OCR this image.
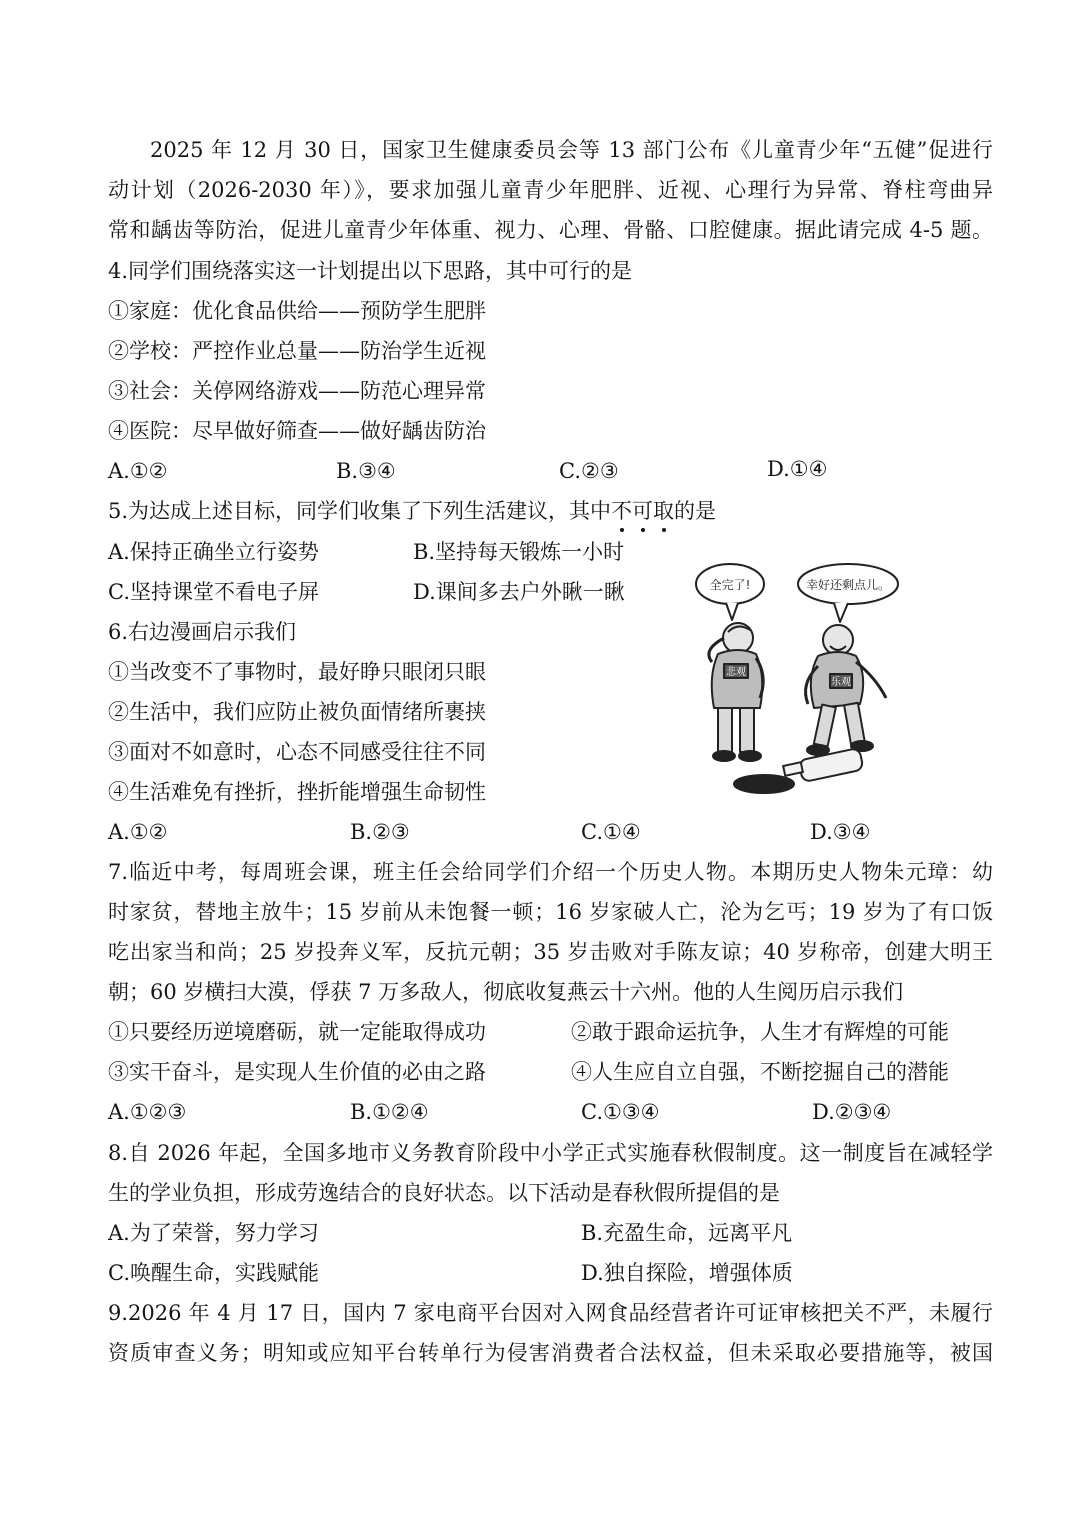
2025 年 12 月 30 日，国家卫生健康委员会等 13 部门公布《儿童青少年“五健”促进行
动计划（2026-2030 年）》，要求加强儿童青少年肥胖、近视、心理行为异常、脊柱弯曲异
常和龋齿等防治，促进儿童青少年体重、视力、心理、骨骼、口腔健康。据此请完成 4-5 题。
4.同学们围绕落实这一计划提出以下思路，其中可行的是
①家庭：优化食品供给——预防学生肥胖
②学校：严控作业总量——防治学生近视
③社会：关停网络游戏——防范心理异常
④医院：尽早做好筛查——做好龋齿防治
A.①②	B.③④	C.②③	D.①④
5.为达成上述目标，同学们收集了下列生活建议，其中不可取的是
A.保持正确坐立行姿势	B.坚持每天锻炼一小时
C.坚持课堂不看电子屏	D.课间多去户外瞅一瞅
6.右边漫画启示我们
①当改变不了事物时，最好睁只眼闭只眼
②生活中，我们应防止被负面情绪所裹挟
③面对不如意时，心态不同感受往往不同
④生活难免有挫折，挫折能增强生命韧性
A.①②	B.②③	C.①④	D.③④
全完了!	幸好还剩点儿。
悲观
乐观
7.临近中考，每周班会课，班主任会给同学们介绍一个历史人物。本期历史人物朱元璋：幼
时家贫，替地主放牛；15 岁前从未饱餐一顿；16 岁家破人亡，沦为乞丐；19 岁为了有口饭
吃出家当和尚；25 岁投奔义军，反抗元朝；35 岁击败对手陈友谅；40 岁称帝，创建大明王
朝；60 岁横扫大漠，俘获 7 万多敌人，彻底收复燕云十六州。他的人生阅历启示我们
①只要经历逆境磨砺，就一定能取得成功	②敢于跟命运抗争，人生才有辉煌的可能
③实干奋斗，是实现人生价值的必由之路	④人生应自立自强，不断挖掘自己的潜能
A.①②③	B.①②④	C.①③④	D.②③④
8.自 2026 年起，全国多地市义务教育阶段中小学正式实施春秋假制度。这一制度旨在减轻学
生的学业负担，形成劳逸结合的良好状态。以下活动是春秋假所提倡的是
A.为了荣誉，努力学习	B.充盈生命，远离平凡
C.唤醒生命，实践赋能	D.独自探险，增强体质
9.2026 年 4 月 17 日，国内 7 家电商平台因对入网食品经营者许可证审核把关不严，未履行
资质审查义务；明知或应知平台转单行为侵害消费者合法权益，但未采取必要措施等，被国
